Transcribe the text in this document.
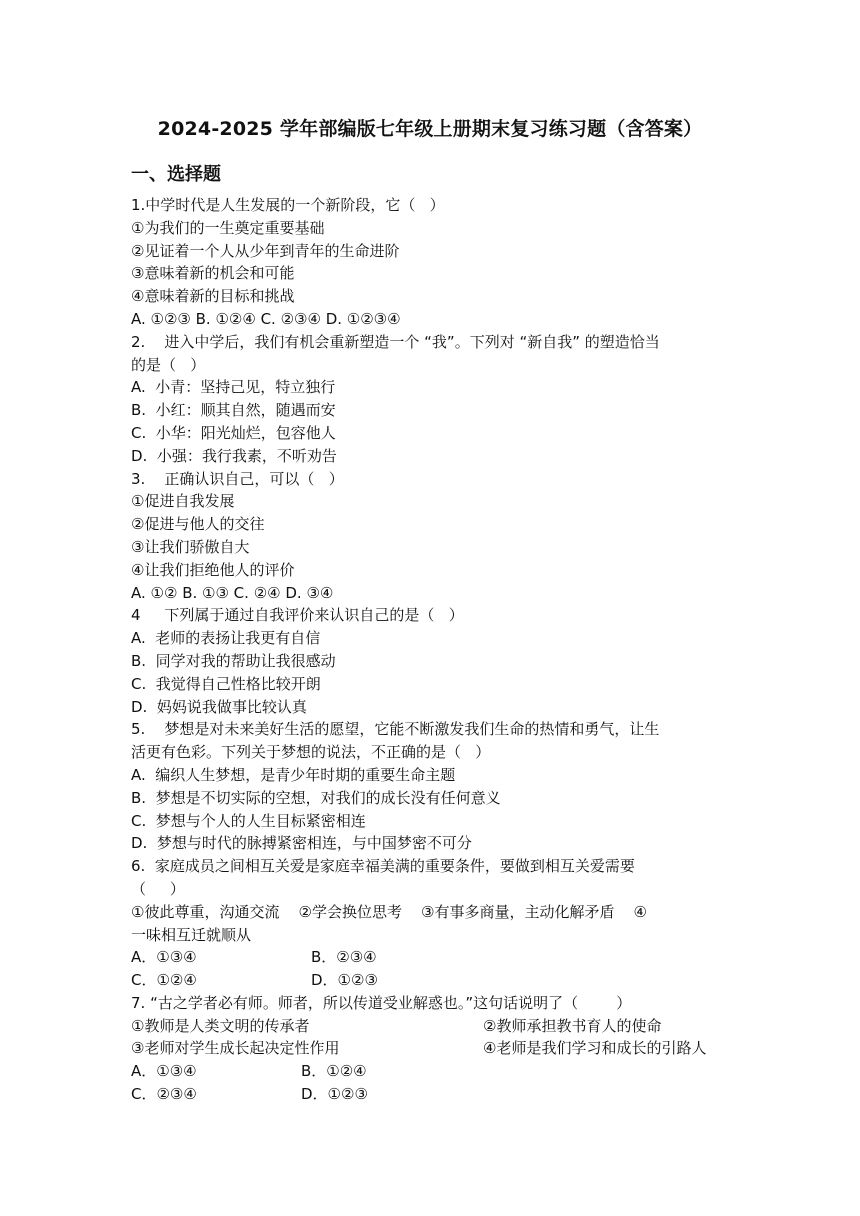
2024-2025 学年部编版七年级上册期末复习练习题（含答案）
一、选择题
1.中学时代是人生发展的一个新阶段，它（   ）
①为我们的一生奠定重要基础
②见证着一个人从少年到青年的生命进阶
③意味着新的机会和可能
④意味着新的目标和挑战
A. ①②③ B. ①②④ C. ②③④ D. ①②③④
2.    进入中学后，我们有机会重新塑造一个 “我”。下列对 “新自我” 的塑造恰当
的是（   ）
A.  小青：坚持己见，特立独行
B.  小红：顺其自然，随遇而安
C.  小华：阳光灿烂，包容他人
D.  小强：我行我素，不听劝告
3.    正确认识自己，可以（   ）
①促进自我发展
②促进与他人的交往
③让我们骄傲自大
④让我们拒绝他人的评价
A. ①② B. ①③ C. ②④ D. ③④
4     下列属于通过自我评价来认识自己的是（   ）
A.  老师的表扬让我更有自信
B.  同学对我的帮助让我很感动
C.  我觉得自己性格比较开朗
D.  妈妈说我做事比较认真
5.    梦想是对未来美好生活的愿望，它能不断激发我们生命的热情和勇气，让生
活更有色彩。下列关于梦想的说法，不正确的是（   ）
A.  编织人生梦想，是青少年时期的重要生命主题
B.  梦想是不切实际的空想，对我们的成长没有任何意义
C.  梦想与个人的人生目标紧密相连
D.  梦想与时代的脉搏紧密相连，与中国梦密不可分
6.  家庭成员之间相互关爱是家庭幸福美满的重要条件，要做到相互关爱需要
（     ）
①彼此尊重，沟通交流    ②学会换位思考    ③有事多商量，主动化解矛盾    ④
一味相互迁就顺从
A．①③④	B．②③④
C．①②④	D．①②③
7. “古之学者必有师。师者，所以传道受业解惑也。”这句话说明了（        ）
①教师是人类文明的传承者	②教师承担教书育人的使命
③老师对学生成长起决定性作用	④老师是我们学习和成长的引路人
A．①③④	B．①②④
C．②③④	D．①②③
